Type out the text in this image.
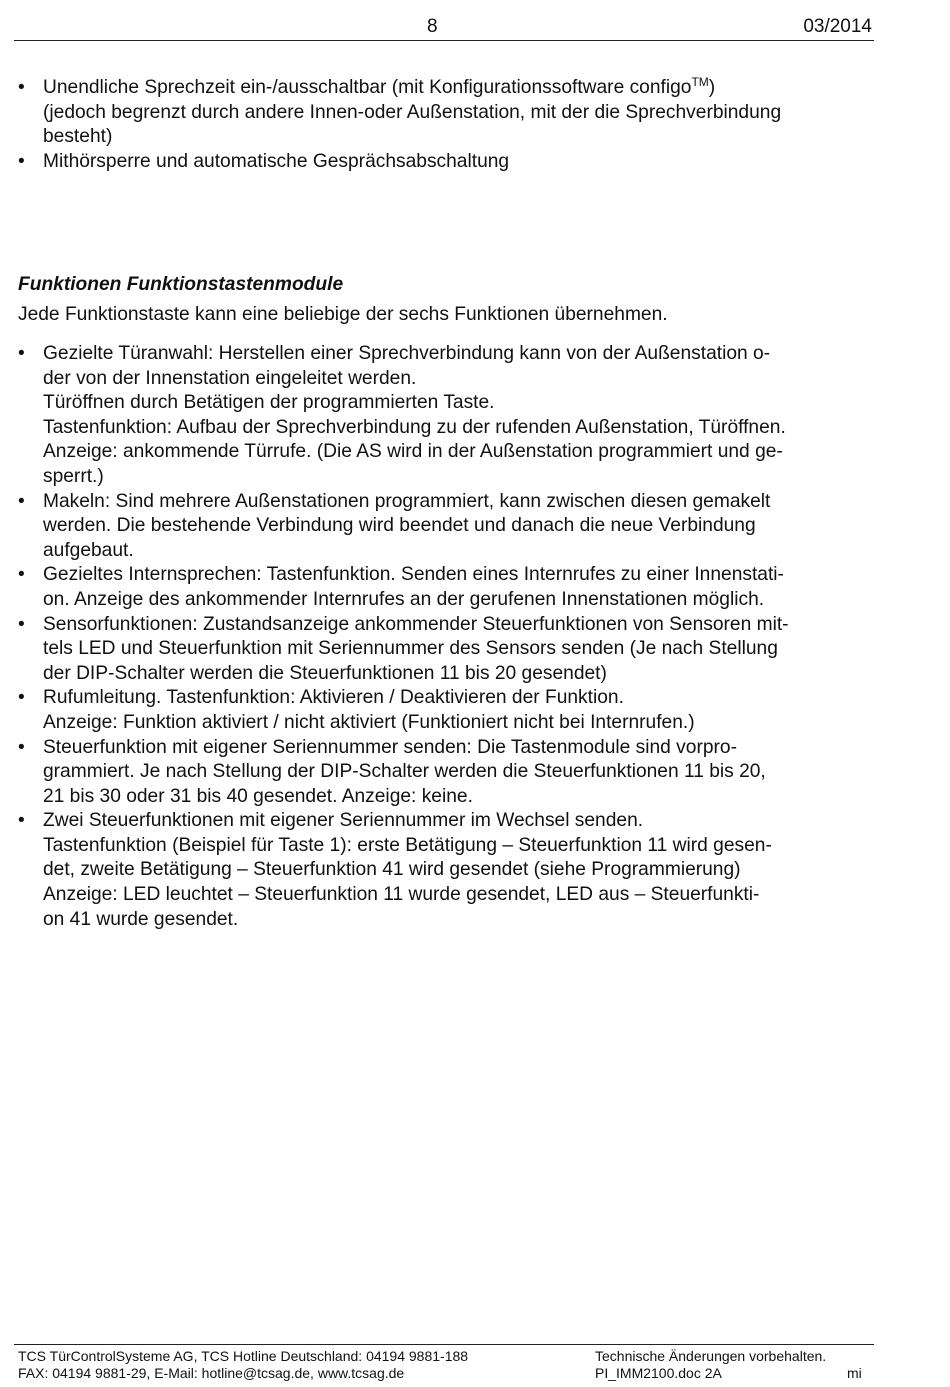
8	03/2014
• Unendliche Sprechzeit ein-/ausschaltbar (mit Konfigurationssoftware configo™)
(jedoch begrenzt durch andere Innen-oder Außenstation, mit der die Sprechverbindung
besteht)
• Mithörsperre und automatische Gesprächsabschaltung
Funktionen Funktionstastenmodule

Jede Funktionstaste kann eine beliebige der sechs Funktionen übernehmen.

• Gezielte Türanwahl: Herstellen einer Sprechverbindung kann von der Außenstation o-
der von der Innenstation eingeleitet werden.
Türöffnen durch Betätigen der programmierten Taste.
Tastenfunktion: Aufbau der Sprechverbindung zu der rufenden Außenstation, Türöffnen.
Anzeige: ankommende Türrufe. (Die AS wird in der Außenstation programmiert und ge-
sperrt.)
• Makeln: Sind mehrere Außenstationen programmiert, kann zwischen diesen gemakelt
werden. Die bestehende Verbindung wird beendet und danach die neue Verbindung
aufgebaut.
• Gezieltes Internsprechen: Tastenfunktion. Senden eines Internrufes zu einer Innenstati-
on. Anzeige des ankommender Internrufes an der gerufenen Innenstationen möglich.
• Sensorfunktionen: Zustandsanzeige ankommender Steuerfunktionen von Sensoren mit-
tels LED und Steuerfunktion mit Seriennummer des Sensors senden (Je nach Stellung
der DIP-Schalter werden die Steuerfunktionen 11 bis 20 gesendet)
• Rufumleitung. Tastenfunktion: Aktivieren / Deaktivieren der Funktion.
Anzeige: Funktion aktiviert / nicht aktiviert (Funktioniert nicht bei Internrufen.)
• Steuerfunktion mit eigener Seriennummer senden: Die Tastenmodule sind vorpro-
grammiert. Je nach Stellung der DIP-Schalter werden die Steuerfunktionen 11 bis 20,
21 bis 30 oder 31 bis 40 gesendet. Anzeige: keine.
• Zwei Steuerfunktionen mit eigener Seriennummer im Wechsel senden.
Tastenfunktion (Beispiel für Taste 1): erste Betätigung – Steuerfunktion 11 wird gesen-
det, zweite Betätigung – Steuerfunktion 41 wird gesendet (siehe Programmierung)
Anzeige: LED leuchtet – Steuerfunktion 11 wurde gesendet, LED aus – Steuerfunkti-
on 41 wurde gesendet.
TCS TürControlSysteme AG, TCS Hotline Deutschland: 04194 9881-188
FAX: 04194 9881-29, E-Mail: hotline@tcsag.de, www.tcsag.de
Technische Änderungen vorbehalten.
PI_IMM2100.doc 2A	mi
